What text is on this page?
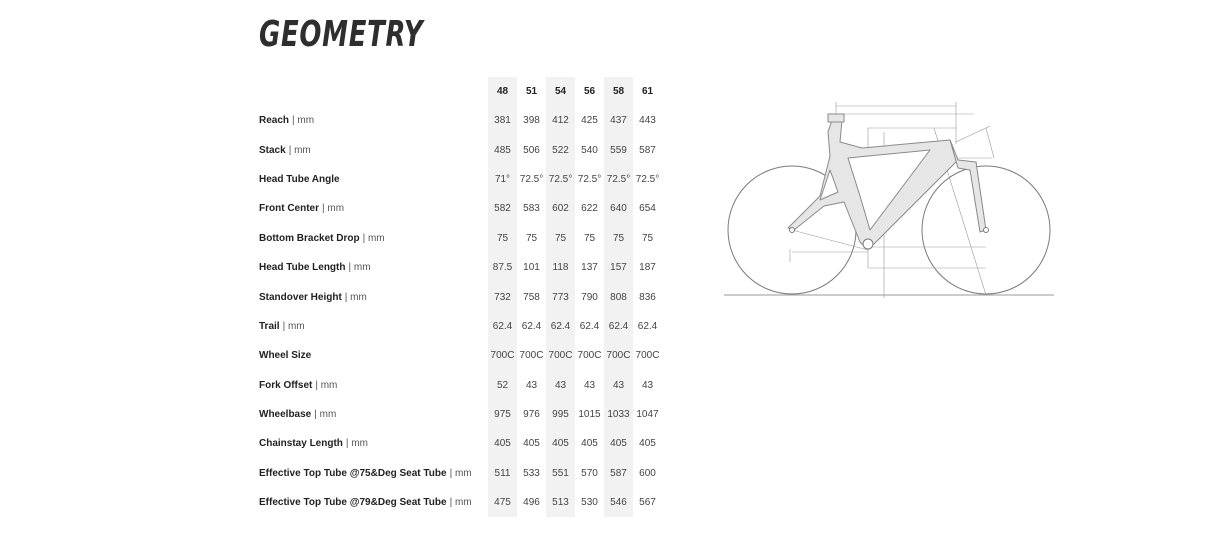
GEOMETRY
48	51	54	56	58	61
Reach | mm	381	398	412	425	437	443
Stack | mm	485	506	522	540	559	587
Head Tube Angle	71° 72.5° 72.5° 72.5° 72.5° 72.5°
Front Center | mm	582	583	602	622	640	654
Bottom Bracket Drop | mm	75	75	75	75	75	75
Head Tube Length | mm	87.5	101	118	137	157	187
Standover Height | mm	732	758	773	790	808	836
Trail | mm	62.4 62.4 62.4 62.4 62.4 62.4
Wheel Size	700C 700C 700C 700C 700C 700C
Fork Offset | mm	52	43	43	43	43	43
Wheelbase | mm	975	976	995 1015 1033 1047
Chainstay Length | mm	405	405	405	405	405	405
Effective Top Tube @75&Deg Seat Tube | mm	511	533	551	570	587	600
Effective Top Tube @79&Deg Seat Tube | mm	475	496	513	530	546	567
